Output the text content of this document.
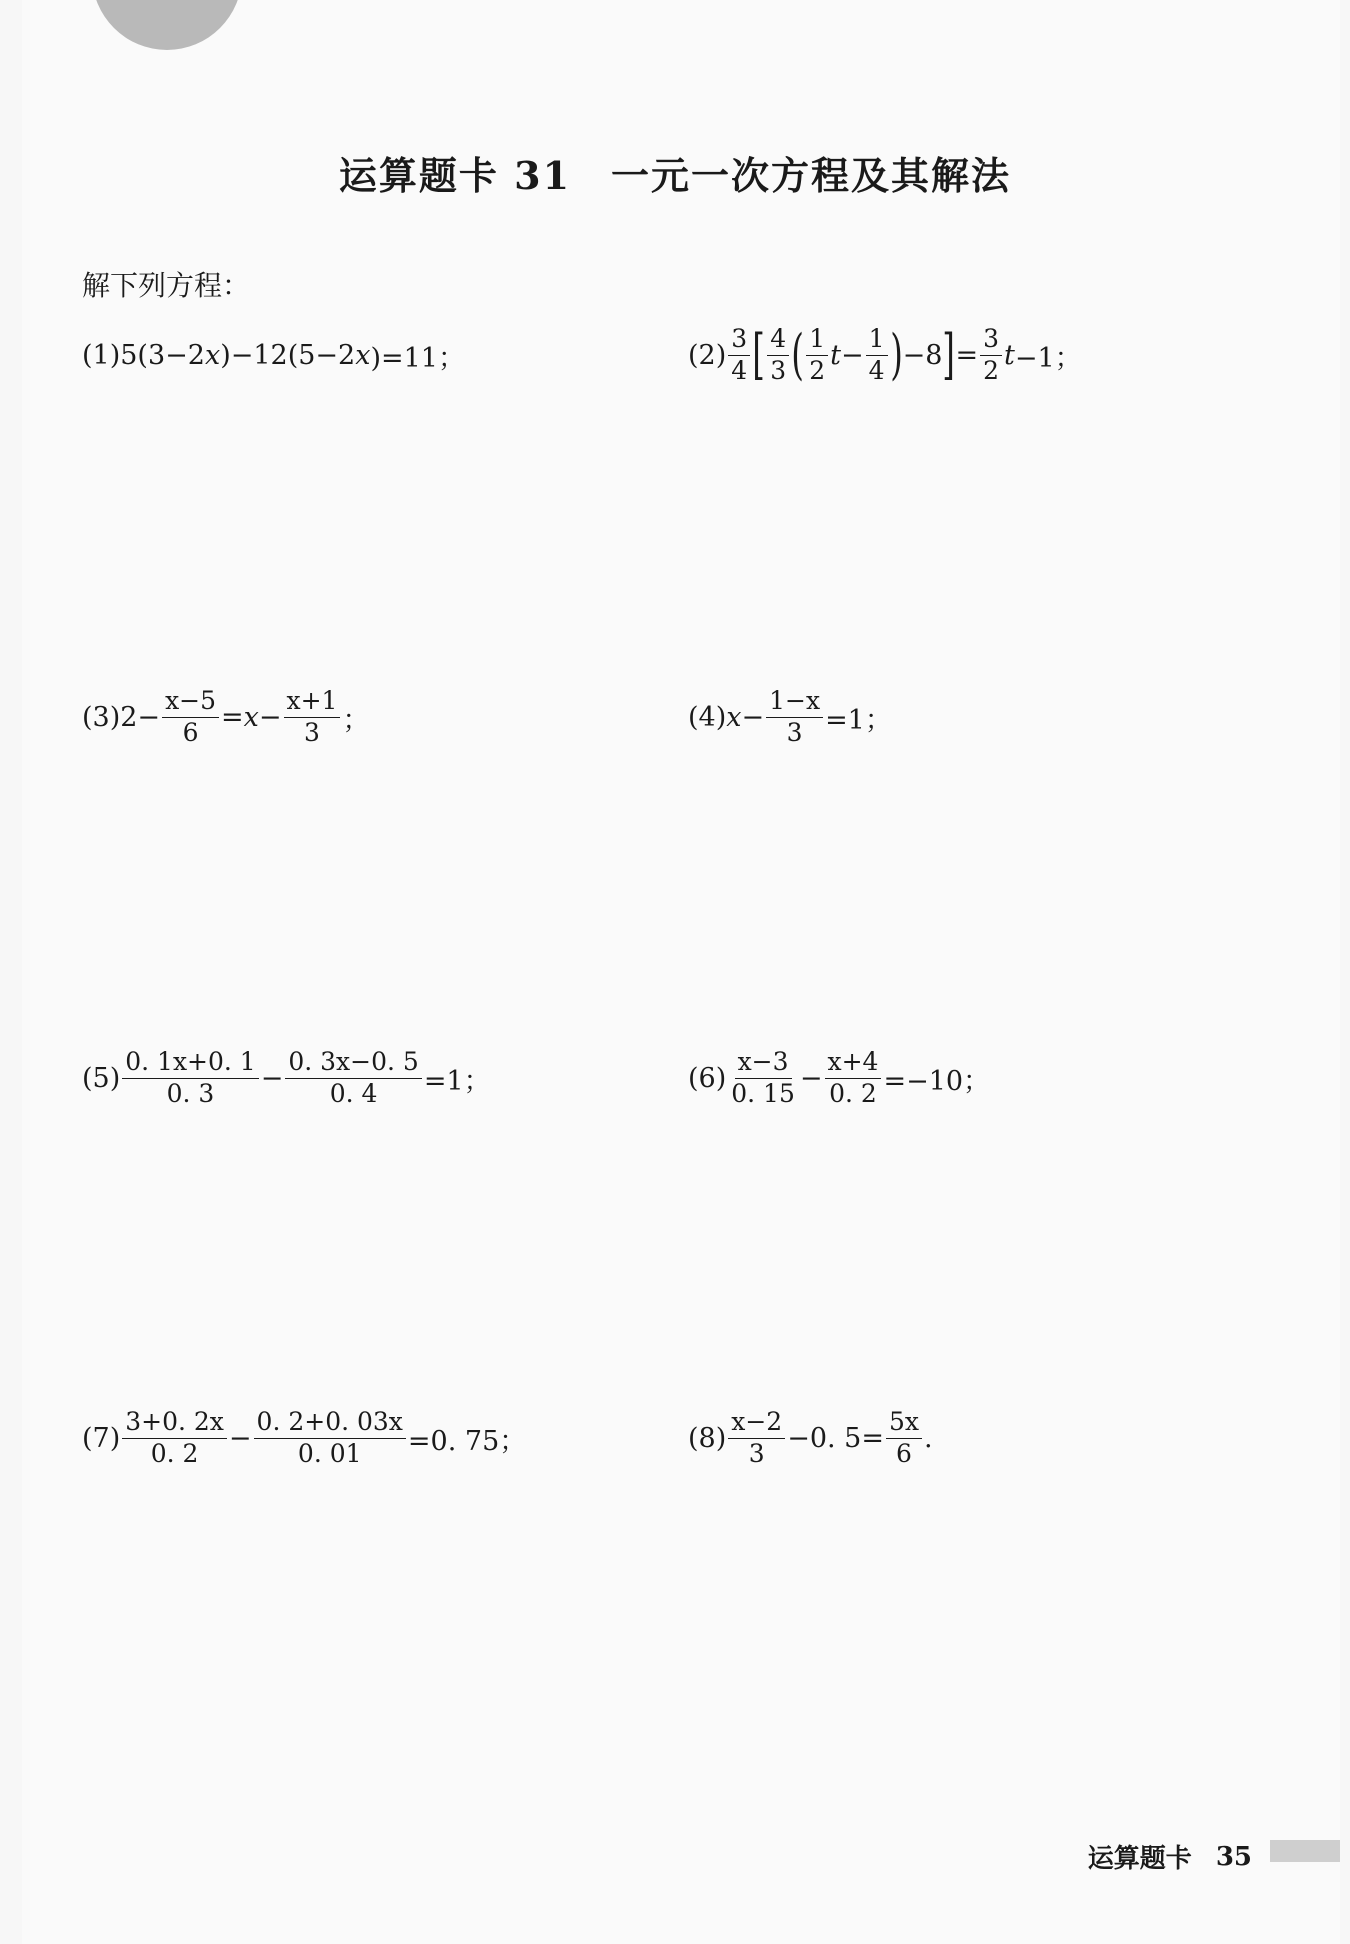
运算题卡 31 一元一次方程及其解法
解下列方程：
(1) 5(3−2 x )−12(5−2 x )=11；	$(2) \frac{3}{4}$ [ $\frac{4}{3}$ ( $\frac{1}{2}$ $t - \frac{1}{4}$ ) −8 ] = $\frac{3}{2}$ t −1；
(3) $2- \frac{x-5}{6} = x - \frac{x+1}{3}$ ；	(4) $x - \frac{1-x}{3} =1$；
$(5) \frac{0. 1x+0. 1}{0. 3} - \frac{0. 3x-0. 5}{0. 4} =1$；	$(6) \frac{x-3}{0. 15} - \frac{x+4}{0. 2} =-10$；
$(7) \frac{3+0. 2x}{0. 2} - \frac{0. 2+0. 03x}{0. 01} =0$. 75；	$(8) \frac{x-2}{3} -0$. $5= \frac{5x}{6}$ .
运算题卡 35
